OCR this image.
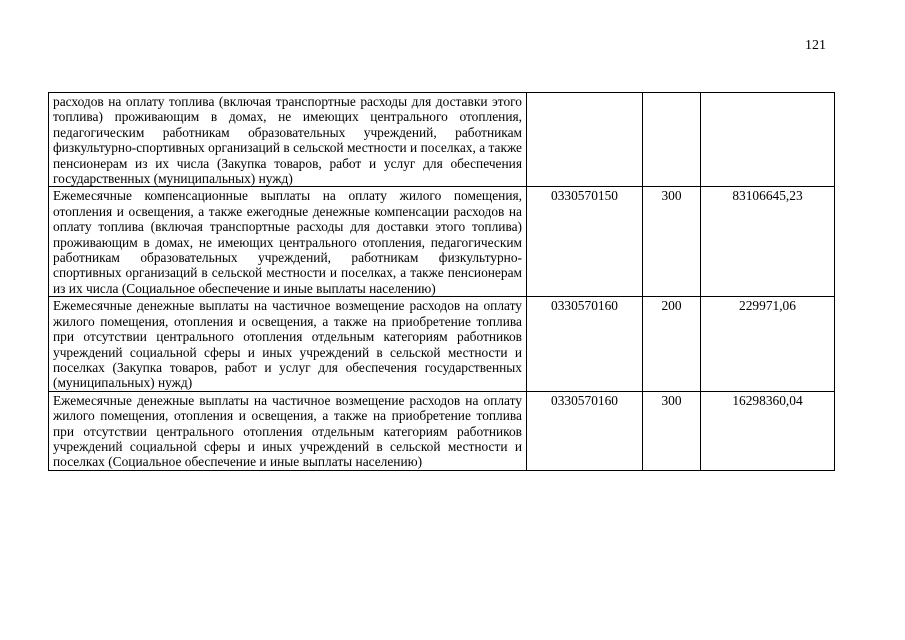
121
расходов на оплату топлива (включая транспортные расходы для доставки этого топлива) проживающим в домах, не имеющих центрального отопления, педагогическим работникам образовательных учреждений, работникам физкультурно-спортивных организаций в сельской местности и поселках, а также пенсионерам из их числа (Закупка товаров, работ и услуг для обеспечения государственных (муниципальных) нужд)			
Ежемесячные компенсационные выплаты на оплату жилого помещения, отопления и освещения, а также ежегодные денежные компенсации расходов на оплату топлива (включая транспортные расходы для доставки этого топлива) проживающим в домах, не имеющих центрального отопления, педагогическим работникам образовательных учреждений, работникам физкультурно-спортивных организаций в сельской местности и поселках, а также пенсионерам из их числа (Социальное обеспечение и иные выплаты населению)	0330570150	300	83106645,23
Ежемесячные денежные выплаты на частичное возмещение расходов на оплату жилого помещения, отопления и освещения, а также на приобретение топлива при отсутствии центрального отопления отдельным категориям работников учреждений социальной сферы и иных учреждений в сельской местности и поселках (Закупка товаров, работ и услуг для обеспечения государственных (муниципальных) нужд)	0330570160	200	229971,06
Ежемесячные денежные выплаты на частичное возмещение расходов на оплату жилого помещения, отопления и освещения, а также на приобретение топлива при отсутствии центрального отопления отдельным категориям работников учреждений социальной сферы и иных учреждений в сельской местности и поселках (Социальное обеспечение и иные выплаты населению)	0330570160	300	16298360,04
